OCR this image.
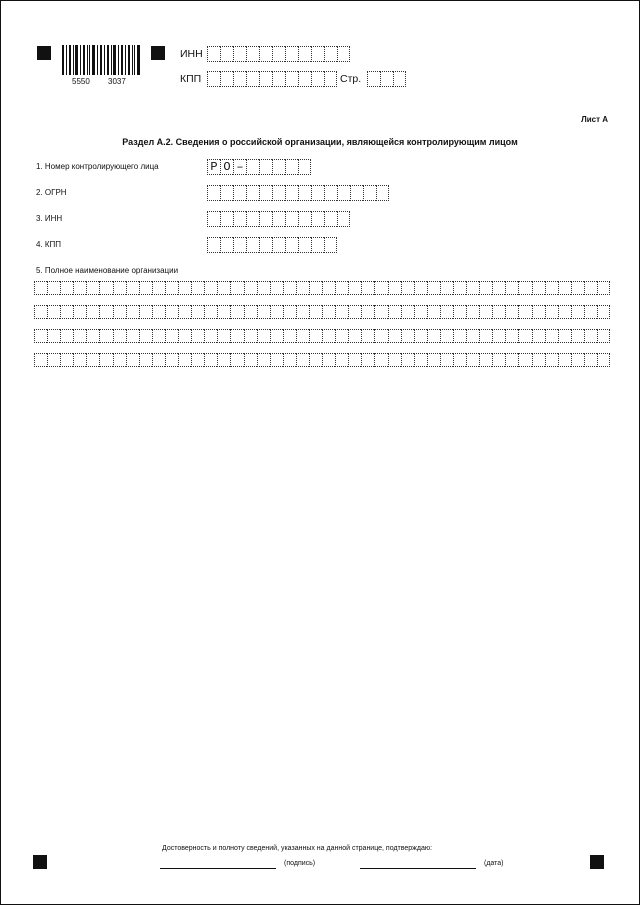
5550 3037
ИНН
КПП	Стр.
Лист А
Раздел А.2. Сведения о российской организации, являющейся контролирующим лицом
1. Номер контролирующего лица	Р О –
2. ОГРН
3. ИНН
4. КПП
5. Полное наименование организации
Достоверность и полноту сведений, указанных на данной странице, подтверждаю:
(подпись)	(дата)
